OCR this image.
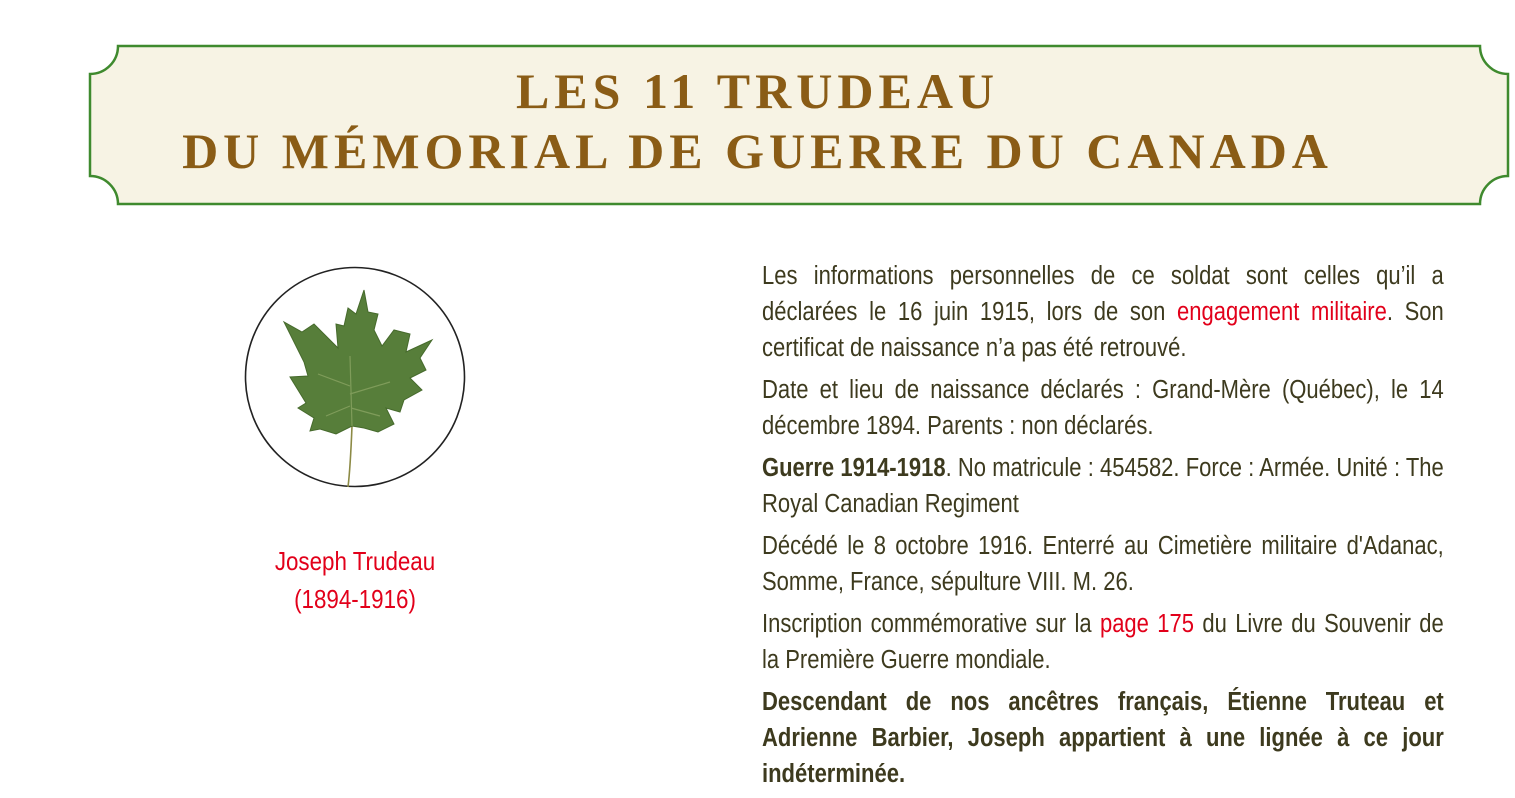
LES 11 TRUDEAU
DU MÉMORIAL DE GUERRE DU CANADA
Joseph Trudeau
(1894-1916)

Les informations personnelles de ce soldat sont celles qu’il a déclarées le 16 juin 1915, lors de son engagement militaire. Son certificat de naissance n’a pas été retrouvé.

Date et lieu de naissance déclarés : Grand-Mère (Québec), le 14 décembre 1894. Parents : non déclarés.

Guerre 1914-1918. No matricule : 454582. Force : Armée. Unité : The Royal Canadian Regiment

Décédé le 8 octobre 1916. Enterré au Cimetière militaire d'Adanac, Somme, France, sépulture VIII. M. 26.

Inscription commémorative sur la page 175 du Livre du Souvenir de la Première Guerre mondiale.

Descendant de nos ancêtres français, Étienne Truteau et Adrienne Barbier, Joseph appartient à une lignée à ce jour indéterminée.
